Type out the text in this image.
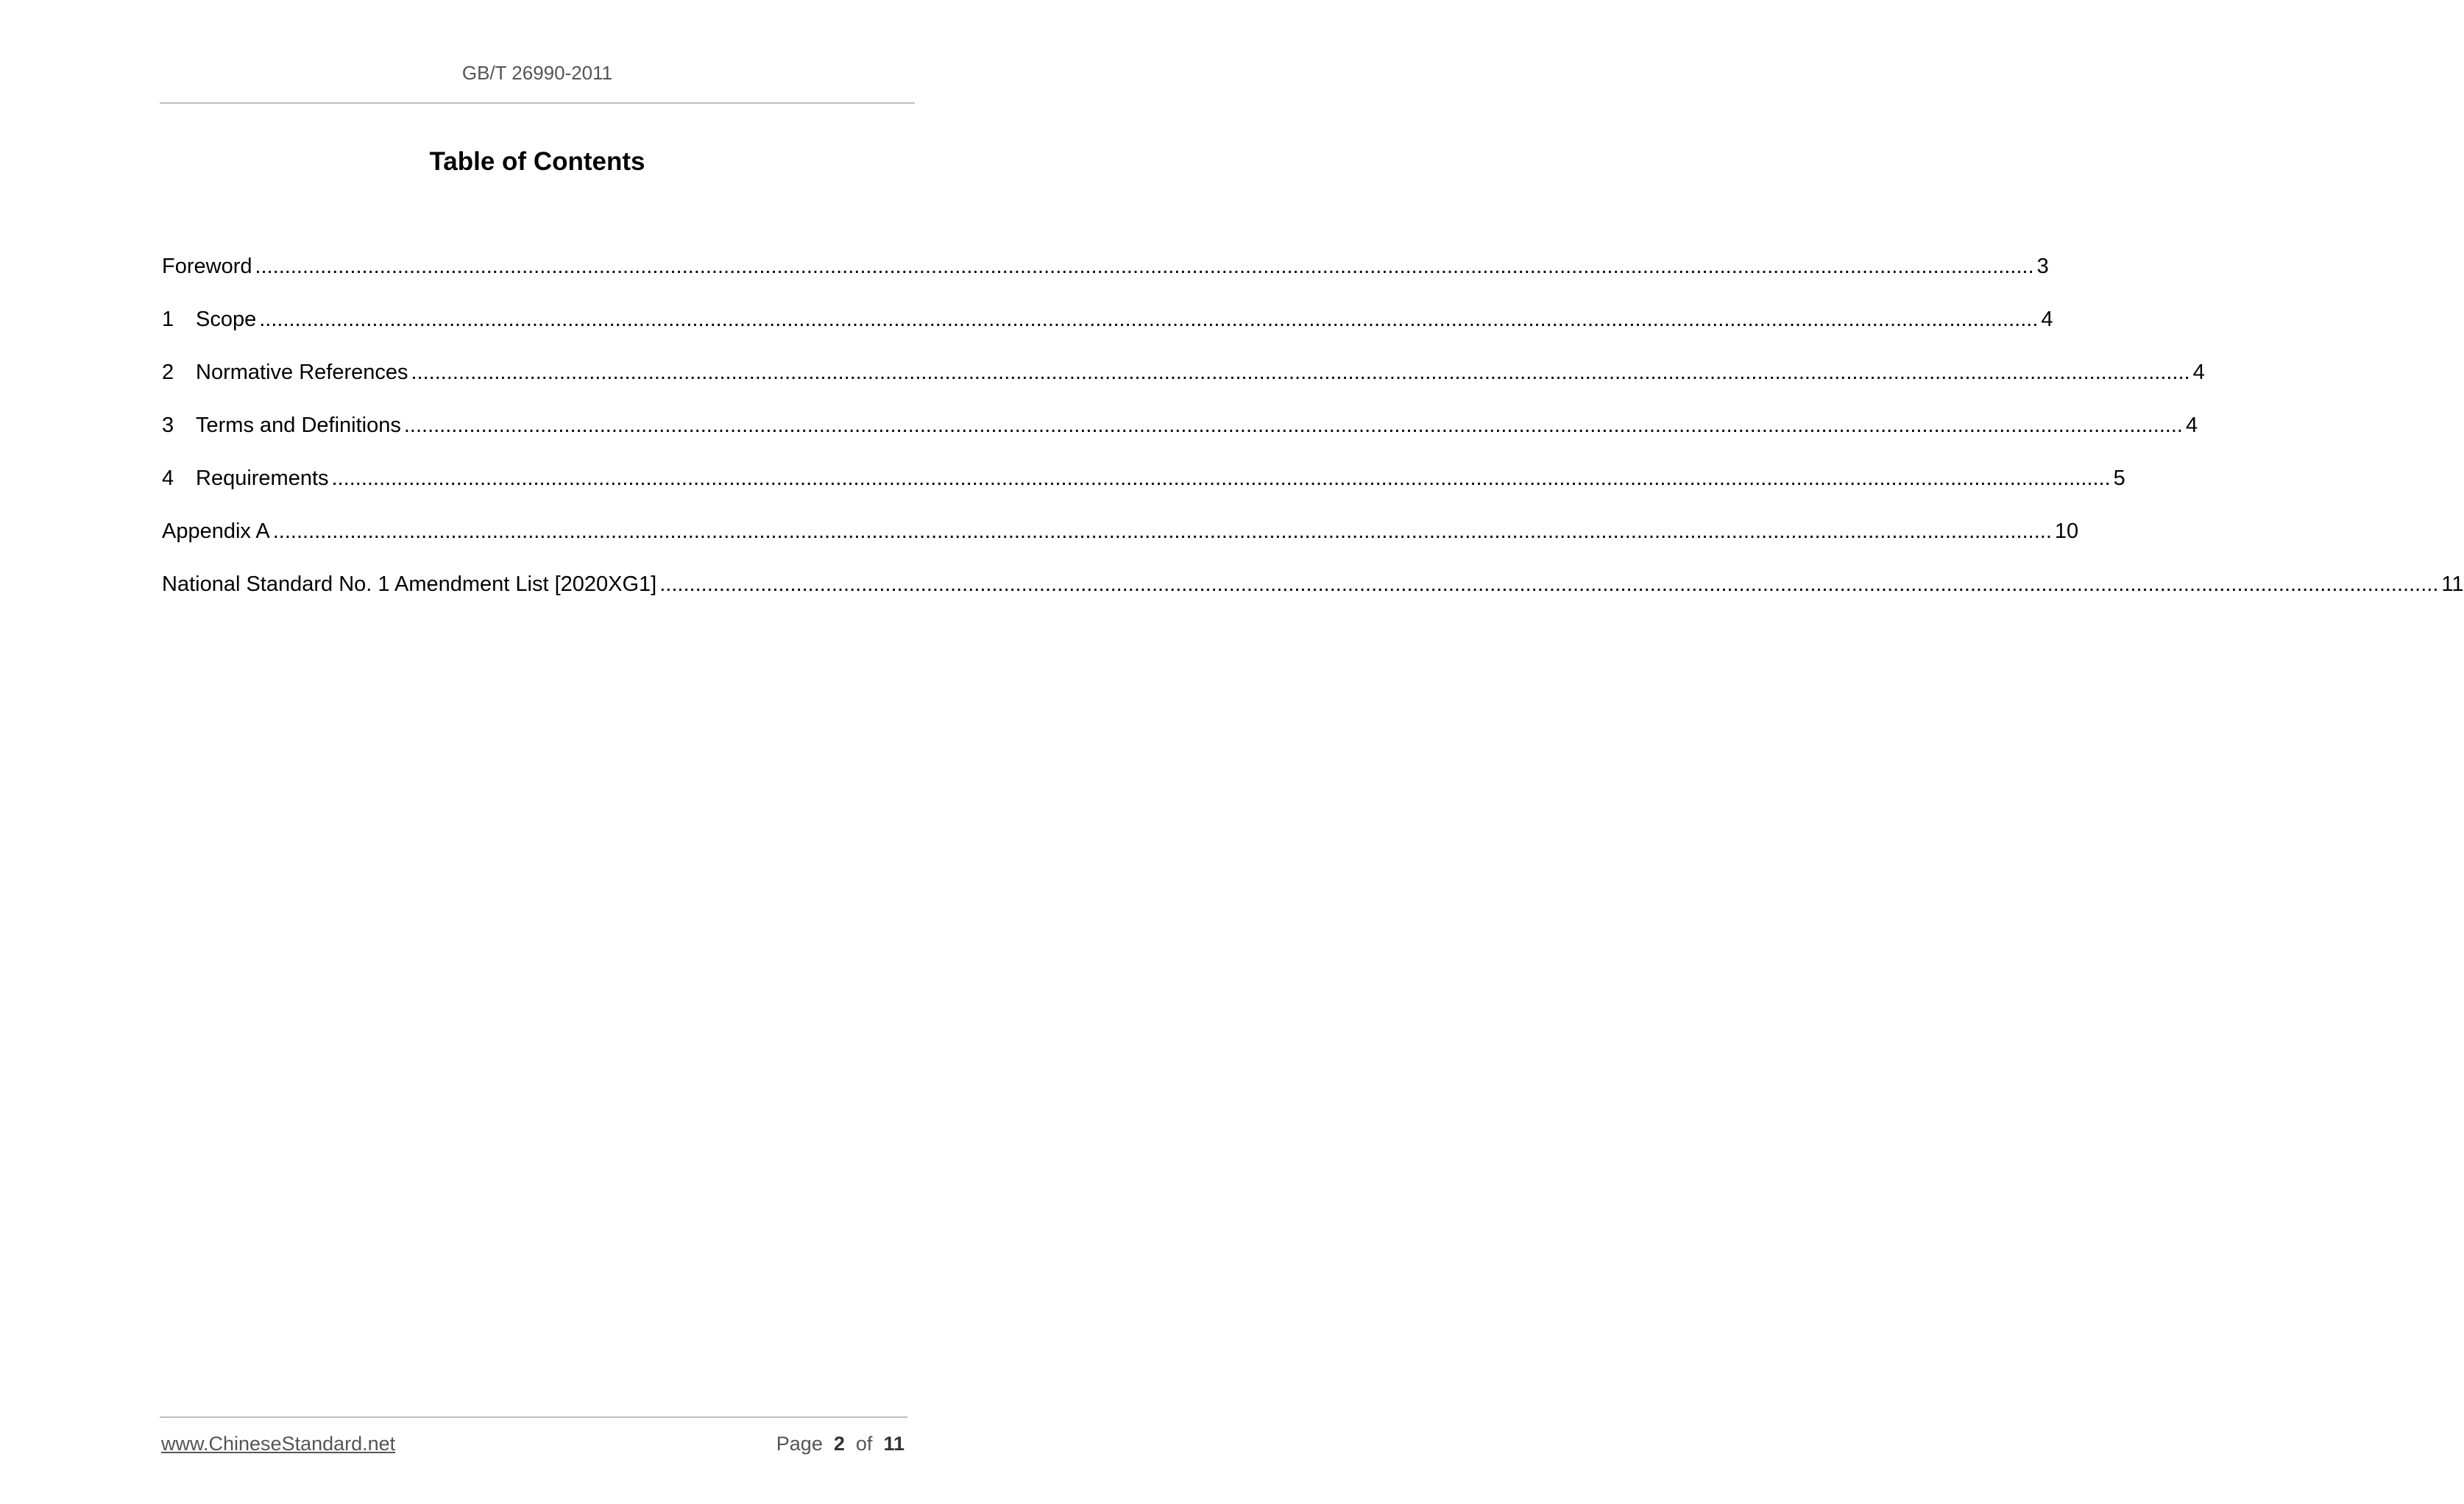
GB/T 26990-2011
Table of Contents
Foreword ............................................................................................................................................................................................................................................................................................................ 3
1	Scope ............................................................................................................................................................................................................................................................................................................ 4
2	Normative References ............................................................................................................................................................................................................................................................................................................ 4
3	Terms and Definitions ............................................................................................................................................................................................................................................................................................................ 4
4	Requirements ............................................................................................................................................................................................................................................................................................................ 5
Appendix A ............................................................................................................................................................................................................................................................................................................ 10
National Standard No. 1 Amendment List [2020XG1] ............................................................................................................................................................................................................................................................................................................ 11
www.ChineseStandard.net	Page 2 of 11
